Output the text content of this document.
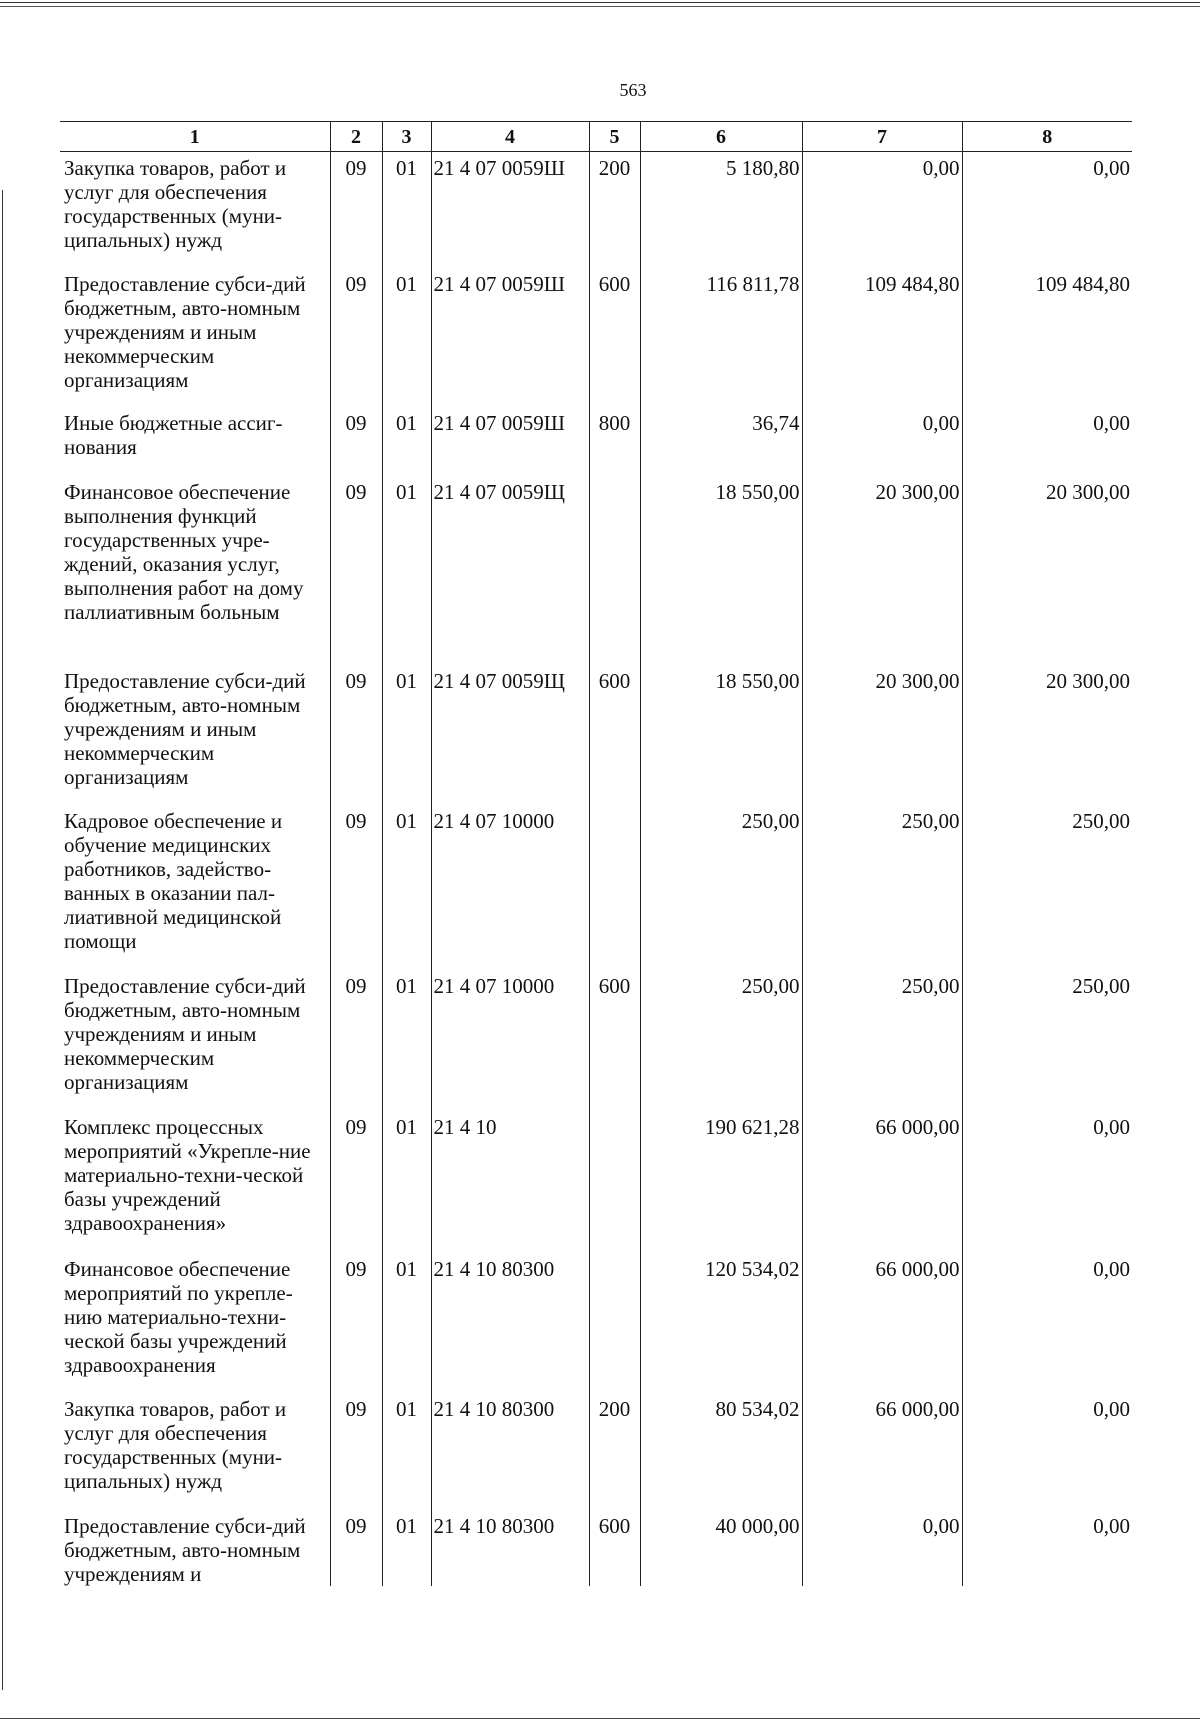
563
1	2	3	4	5	6	7	8
Закупка товаров, работ и услуг для обеспечения государственных (муни-ципальных) нужд	09	01	21 4 07 0059Ш	200	5 180,80	0,00	0,00
Предоставление субси-дий бюджетным, авто-номным учреждениям и иным некоммерческим организациям	09	01	21 4 07 0059Ш	600	116 811,78	109 484,80	109 484,80
Иные бюджетные ассиг-нования	09	01	21 4 07 0059Ш	800	36,74	0,00	0,00
Финансовое обеспечение выполнения функций государственных учре-ждений, оказания услуг, выполнения работ на дому паллиативным больным	09	01	21 4 07 0059Щ		18 550,00	20 300,00	20 300,00
Предоставление субси-дий бюджетным, авто-номным учреждениям и иным некоммерческим организациям	09	01	21 4 07 0059Щ	600	18 550,00	20 300,00	20 300,00
Кадровое обеспечение и обучение медицинских работников, задейство-ванных в оказании пал-лиативной медицинской помощи	09	01	21 4 07 10000		250,00	250,00	250,00
Предоставление субси-дий бюджетным, авто-номным учреждениям и иным некоммерческим организациям	09	01	21 4 07 10000	600	250,00	250,00	250,00
Комплекс процессных мероприятий «Укрепле-ние материально-техни-ческой базы учреждений здравоохранения»	09	01	21 4 10		190 621,28	66 000,00	0,00
Финансовое обеспечение мероприятий по укрепле-нию материально-техни-ческой базы учреждений здравоохранения	09	01	21 4 10 80300		120 534,02	66 000,00	0,00
Закупка товаров, работ и услуг для обеспечения государственных (муни-ципальных) нужд	09	01	21 4 10 80300	200	80 534,02	66 000,00	0,00
Предоставление субси-дий бюджетным, авто-номным учреждениям и	09	01	21 4 10 80300	600	40 000,00	0,00	0,00
